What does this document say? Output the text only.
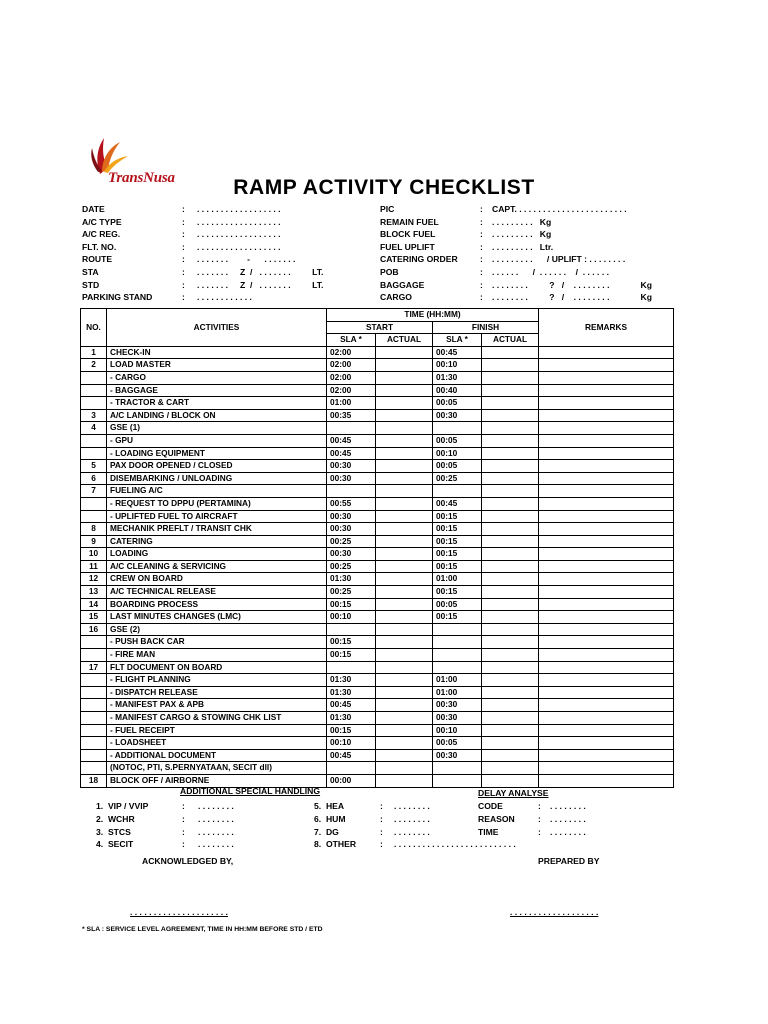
TransNusa	RAMP ACTIVITY CHECKLIST
DATE	: . . . . . . . . . . . . . . . . . .
A/C TYPE	: . . . . . . . . . . . . . . . . . .
A/C REG.	: . . . . . . . . . . . . . . . . . .
FLT. NO.	: . . . . . . . . . . . . . . . . . .
ROUTE	: . . . . . . .        -      . . . . . . .
STA	: . . . . . . .     Z  /   . . . . . . .         LT.
STD	: . . . . . . .     Z  /   . . . . . . .         LT.
PARKING STAND	: . . . . . . . . . . . .
PIC	: CAPT. . . . . . . . . . . . . . . . . . . . . . . .
REMAIN FUEL	: . . . . . . . . .   Kg
BLOCK FUEL	: . . . . . . . . .   Kg
FUEL UPLIFT	: . . . . . . . . .   Ltr.
CATERING ORDER	: . . . . . . . . .      / UPLIFT : . . . . . . . .
POB	: . . . . . .      /  . . . . . .    /  . . . . . .
BAGGAGE	: . . . . . . . .         ?   /    . . . . . . . .             Kg
CARGO	: . . . . . . . .         ?   /    . . . . . . . .             Kg
NO.	ACTIVITIES	TIME (HH:MM)				REMARKS
		START		FINISH		
		SLA *	ACTUAL	SLA *	ACTUAL	
1	CHECK-IN	02:00		00:45		
2	LOAD MASTER	02:00		00:10		
	- CARGO	02:00		01:30		
	- BAGGAGE	02:00		00:40		
	- TRACTOR & CART	01:00		00:05		
3	A/C LANDING / BLOCK ON	00:35		00:30		
4	GSE (1)					
	- GPU	00:45		00:05		
	- LOADING EQUIPMENT	00:45		00:10		
5	PAX DOOR OPENED / CLOSED	00:30		00:05		
6	DISEMBARKING / UNLOADING	00:30		00:25		
7	FUELING A/C					
	- REQUEST TO DPPU (PERTAMINA)	00:55		00:45		
	- UPLIFTED FUEL TO AIRCRAFT	00:30		00:15		
8	MECHANIK PREFLT / TRANSIT CHK	00:30		00:15		
9	CATERING	00:25		00:15		
10	LOADING	00:30		00:15		
11	A/C CLEANING & SERVICING	00:25		00:15		
12	CREW ON BOARD	01:30		01:00		
13	A/C TECHNICAL RELEASE	00:25		00:15		
14	BOARDING PROCESS	00:15		00:05		
15	LAST MINUTES CHANGES (LMC)	00:10		00:15		
16	GSE (2)					
	- PUSH BACK CAR	00:15				
	- FIRE MAN	00:15				
17	FLT DOCUMENT ON BOARD					
	- FLIGHT PLANNING	01:30		01:00		
	- DISPATCH RELEASE	01:30		01:00		
	- MANIFEST PAX & APB	00:45		00:30		
	- MANIFEST CARGO & STOWING CHK LIST	01:30		00:30		
	- FUEL RECEIPT	00:15		00:10		
	- LOADSHEET	00:10		00:05		
	- ADDITIONAL DOCUMENT	00:45		00:30		
	(NOTOC, PTI, S.PERNYATAAN, SECIT dll)					
18	BLOCK OFF / AIRBORNE	00:00				
ADDITIONAL SPECIAL HANDLING
1.  VIP / VVIP	: . . . . . . . .
2.  WCHR	: . . . . . . . .
3.  STCS	: . . . . . . . .
4.  SECIT	: . . . . . . . .
5.  HEA	: . . . . . . . .
6.  HUM	: . . . . . . . .
7.  DG	: . . . . . . . .
8.  OTHER	: . . . . . . . . . . . . . . . . . . . . . . . . . .
DELAY ANALYSE
CODE	: . . . . . . . .
REASON	: . . . . . . . .
TIME	: . . . . . . . .
ACKNOWLEDGED BY,	PREPARED BY
. . . . . . . . . . . . . . . . . . . . .	. . . . . . . . . . . . . . . . . . .
* SLA : SERVICE LEVEL AGREEMENT, TIME IN HH:MM BEFORE STD / ETD
